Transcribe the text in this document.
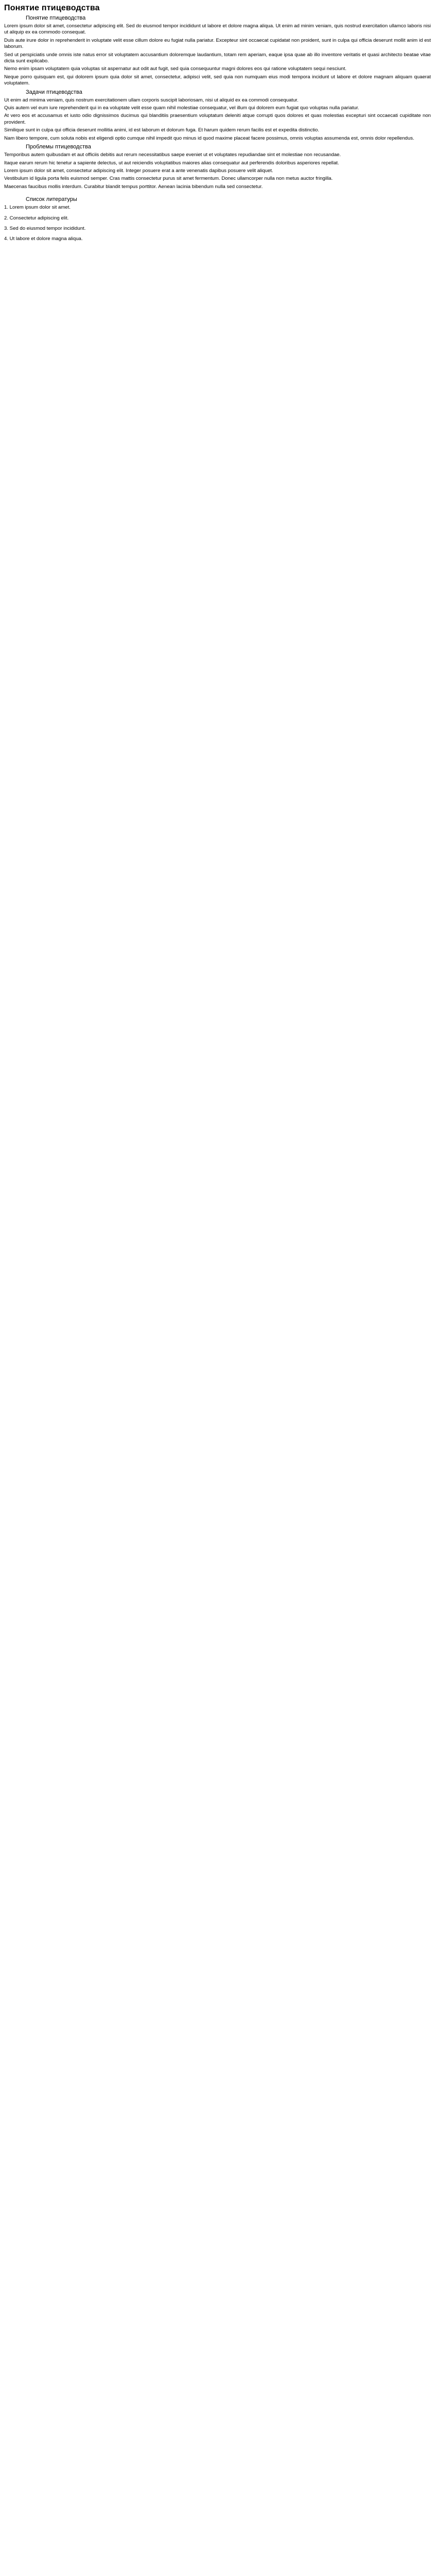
Понятие птицеводства
Понятие птицеводства

Lorem ipsum dolor sit amet, consectetur adipiscing elit. Sed do eiusmod tempor incididunt ut labore et dolore magna aliqua. Ut enim ad minim veniam, quis nostrud exercitation ullamco laboris nisi ut aliquip ex ea commodo consequat.

Duis aute irure dolor in reprehenderit in voluptate velit esse cillum dolore eu fugiat nulla pariatur. Excepteur sint occaecat cupidatat non proident, sunt in culpa qui officia deserunt mollit anim id est laborum.

Sed ut perspiciatis unde omnis iste natus error sit voluptatem accusantium doloremque laudantium, totam rem aperiam, eaque ipsa quae ab illo inventore veritatis et quasi architecto beatae vitae dicta sunt explicabo.

Nemo enim ipsam voluptatem quia voluptas sit aspernatur aut odit aut fugit, sed quia consequuntur magni dolores eos qui ratione voluptatem sequi nesciunt.

Neque porro quisquam est, qui dolorem ipsum quia dolor sit amet, consectetur, adipisci velit, sed quia non numquam eius modi tempora incidunt ut labore et dolore magnam aliquam quaerat voluptatem.

Задачи птицеводства

Ut enim ad minima veniam, quis nostrum exercitationem ullam corporis suscipit laboriosam, nisi ut aliquid ex ea commodi consequatur.

Quis autem vel eum iure reprehenderit qui in ea voluptate velit esse quam nihil molestiae consequatur, vel illum qui dolorem eum fugiat quo voluptas nulla pariatur.

At vero eos et accusamus et iusto odio dignissimos ducimus qui blanditiis praesentium voluptatum deleniti atque corrupti quos dolores et quas molestias excepturi sint occaecati cupiditate non provident.

Similique sunt in culpa qui officia deserunt mollitia animi, id est laborum et dolorum fuga. Et harum quidem rerum facilis est et expedita distinctio.

Nam libero tempore, cum soluta nobis est eligendi optio cumque nihil impedit quo minus id quod maxime placeat facere possimus, omnis voluptas assumenda est, omnis dolor repellendus.

Проблемы птицеводства

Temporibus autem quibusdam et aut officiis debitis aut rerum necessitatibus saepe eveniet ut et voluptates repudiandae sint et molestiae non recusandae.

Itaque earum rerum hic tenetur a sapiente delectus, ut aut reiciendis voluptatibus maiores alias consequatur aut perferendis doloribus asperiores repellat.

Lorem ipsum dolor sit amet, consectetur adipiscing elit. Integer posuere erat a ante venenatis dapibus posuere velit aliquet.

Vestibulum id ligula porta felis euismod semper. Cras mattis consectetur purus sit amet fermentum. Donec ullamcorper nulla non metus auctor fringilla.

Maecenas faucibus mollis interdum. Curabitur blandit tempus porttitor. Aenean lacinia bibendum nulla sed consectetur.

Список литературы
1. Lorem ipsum dolor sit amet.
2. Consectetur adipiscing elit.
3. Sed do eiusmod tempor incididunt.
4. Ut labore et dolore magna aliqua.
